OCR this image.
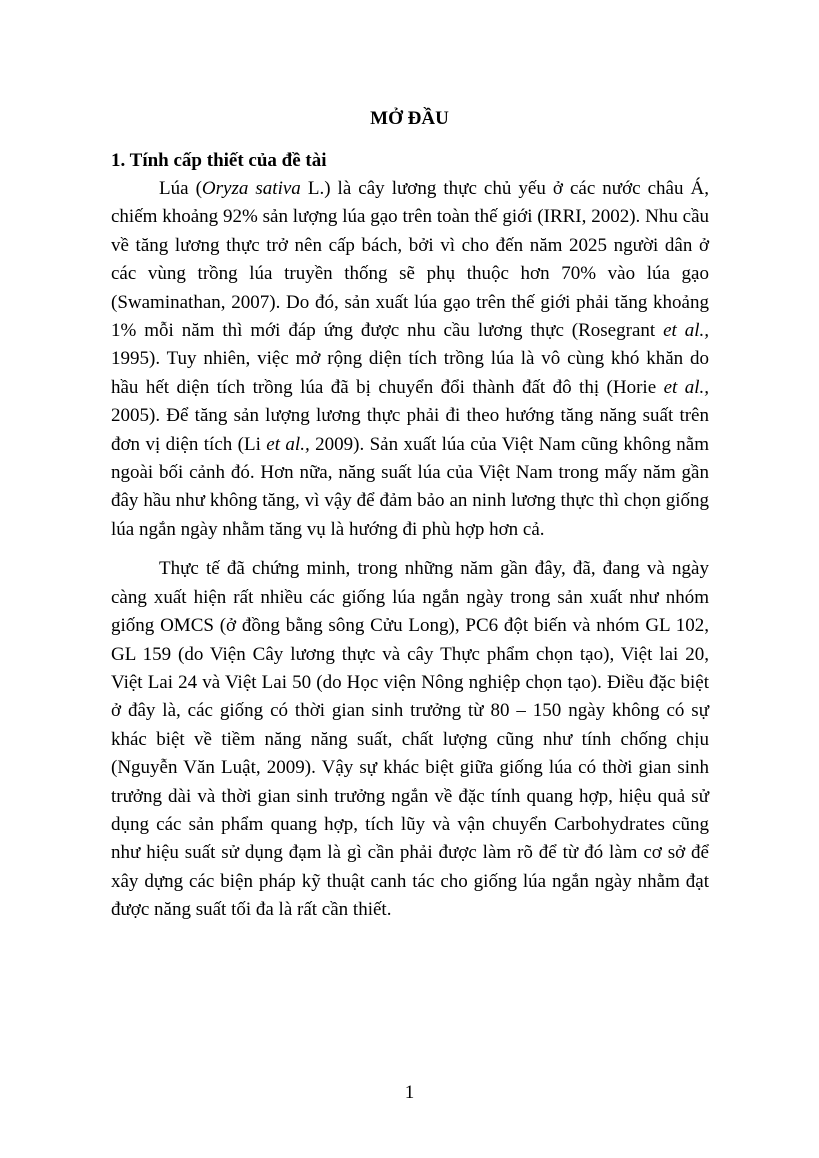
MỞ ĐẦU
1. Tính cấp thiết của đề tài

Lúa (Oryza sativa L.) là cây lương thực chủ yếu ở các nước châu Á, chiếm khoảng 92% sản lượng lúa gạo trên toàn thế giới (IRRI, 2002). Nhu cầu về tăng lương thực trở nên cấp bách, bởi vì cho đến năm 2025 người dân ở các vùng trồng lúa truyền thống sẽ phụ thuộc hơn 70% vào lúa gạo (Swaminathan, 2007). Do đó, sản xuất lúa gạo trên thế giới phải tăng khoảng 1% mỗi năm thì mới đáp ứng được nhu cầu lương thực (Rosegrant et al., 1995). Tuy nhiên, việc mở rộng diện tích trồng lúa là vô cùng khó khăn do hầu hết diện tích trồng lúa đã bị chuyển đổi thành đất đô thị (Horie et al., 2005). Để tăng sản lượng lương thực phải đi theo hướng tăng năng suất trên đơn vị diện tích (Li et al., 2009). Sản xuất lúa của Việt Nam cũng không nằm ngoài bối cảnh đó. Hơn nữa, năng suất lúa của Việt Nam trong mấy năm gần đây hầu như không tăng, vì vậy để đảm bảo an ninh lương thực thì chọn giống lúa ngắn ngày nhằm tăng vụ là hướng đi phù hợp hơn cả.

Thực tế đã chứng minh, trong những năm gần đây, đã, đang và ngày càng xuất hiện rất nhiều các giống lúa ngắn ngày trong sản xuất như nhóm giống OMCS (ở đồng bằng sông Cửu Long), PC6 đột biến và nhóm GL 102, GL 159 (do Viện Cây lương thực và cây Thực phẩm chọn tạo), Việt lai 20, Việt Lai 24 và Việt Lai 50 (do Học viện Nông nghiệp chọn tạo). Điều đặc biệt ở đây là, các giống có thời gian sinh trưởng từ 80 – 150 ngày không có sự khác biệt về tiềm năng năng suất, chất lượng cũng như tính chống chịu (Nguyễn Văn Luật, 2009). Vậy sự khác biệt giữa giống lúa có thời gian sinh trưởng dài và thời gian sinh trưởng ngắn về đặc tính quang hợp, hiệu quả sử dụng các sản phẩm quang hợp, tích lũy và vận chuyển Carbohydrates cũng như hiệu suất sử dụng đạm là gì cần phải được làm rõ để từ đó làm cơ sở để xây dựng các biện pháp kỹ thuật canh tác cho giống lúa ngắn ngày nhằm đạt được năng suất tối đa là rất cần thiết.

1
